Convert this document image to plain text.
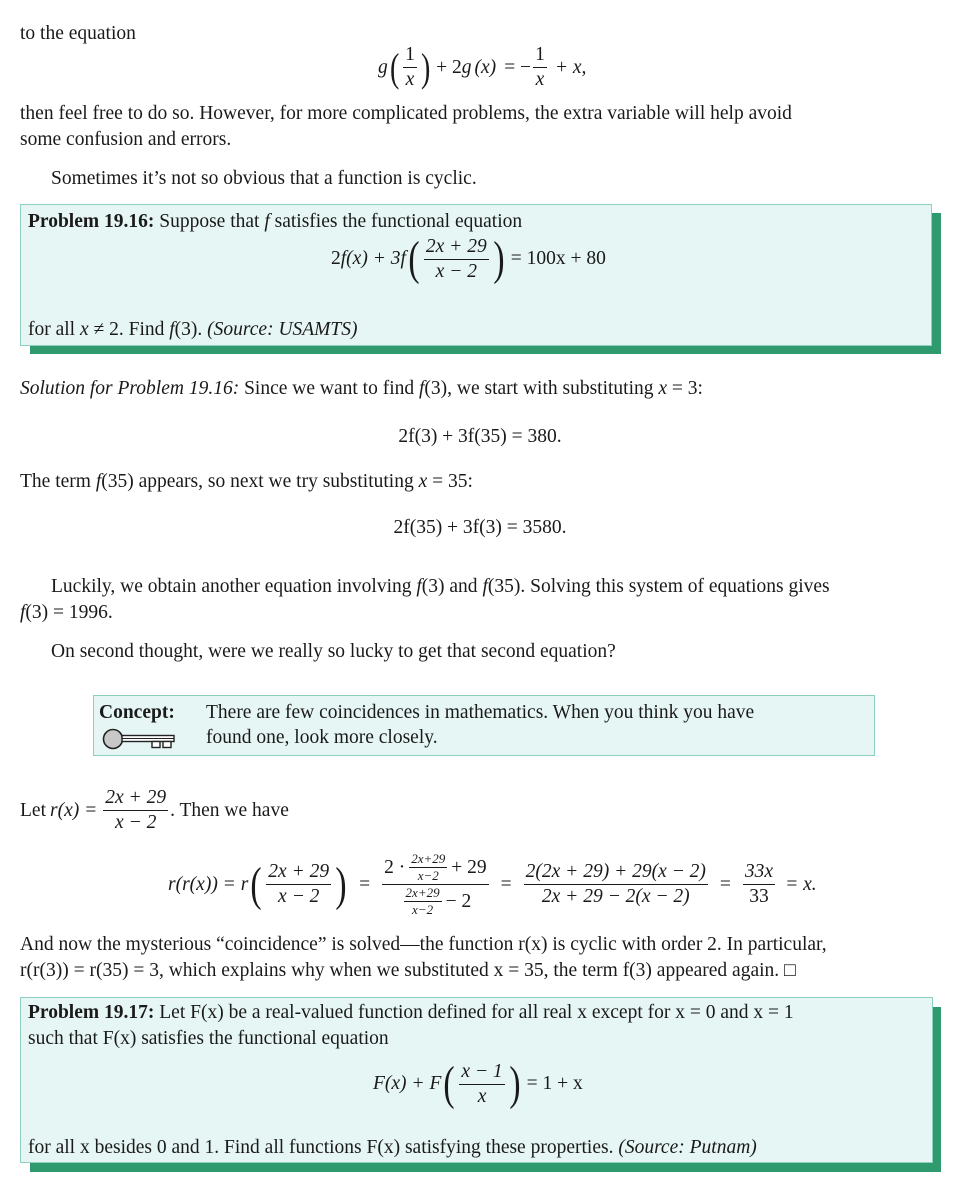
to the equation
g ( $\frac{1}{x}$ ) + 2 g (x) = − $\frac{1}{x} + x$,
then feel free to do so. However, for more complicated problems, the extra variable will help avoid
some confusion and errors.
Sometimes it’s not so obvious that a function is cyclic.
Problem 19.16: Suppose that f satisfies the functional equation
2 f (x) + 3 f ( $\frac{2x + 29}{x - 2}$ ) = 100x + 80
for all x ≠ 2. Find f(3). (Source: USAMTS)
Solution for Problem 19.16: Since we want to find f(3), we start with substituting x = 3:
2f(3) + 3f(35) = 380.
The term f(35) appears, so next we try substituting x = 35:
2f(35) + 3f(3) = 3580.
Luckily, we obtain another equation involving f(3) and f(35). Solving this system of equations gives
f(3) = 1996.
On second thought, were we really so lucky to get that second equation?
Concept: There are few coincidences in mathematics. When you think you have
found one, look more closely.
Let r $(x) = \frac{2x + 29}{x - 2}$ . Then we have
r(r(x)) = r ( $\frac{2x + 29}{x - 2}$ ) =
$2 \cdot \frac{2x+29}{x-2} + 29$
$\frac{2x+29}{x-2} - 2$
= $\frac{2(2x + 29) + 29(x - 2)}{2x + 29 - 2(x - 2)} = \frac{33x}{33} = x$.
And now the mysterious “coincidence” is solved—the function r(x) is cyclic with order 2. In particular,
r(r(3)) = r(35) = 3, which explains why when we substituted x = 35, the term f(3) appeared again. □
Problem 19.17: Let F(x) be a real-valued function defined for all real x except for x = 0 and x = 1
such that F(x) satisfies the functional equation
F(x) + F ( $\frac{x - 1}{x}$ ) = 1 + x
for all x besides 0 and 1. Find all functions F(x) satisfying these properties. (Source: Putnam)
